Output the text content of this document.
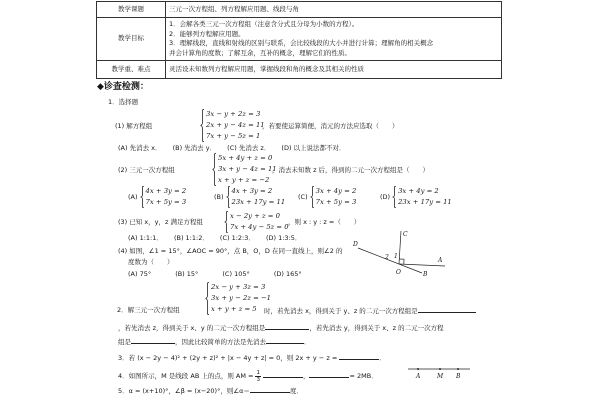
教学课题	三元一次方程组、列方程解应用题、线段与角
教学目标	1．会解各类三元一次方程组（注意含分式且分母为小数的方程）。
2．能够列方程解应用题。
3．理解线段，直线和射线的区别与联系，会比较线段的大小并进行计算；理解角的相关概念
并会计算角的度数；了解互余，互补的概念，理解它们的性质。

教学重、难点	灵活设未知数列方程解应用题，掌握线段和角的概念及其相关的性质
◆诊查检测：
1．选择题
(1) 解方程组
3x − y + 2z = 3
2x + y − 4z = 11
7x + y − 5z = 1
，若要使运算简便，消元的方法应选取（　　）
(A) 先消去 x． (B) 先消去 y． (C) 先消去 z． (D) 以上说法都不对．
(2) 三元一次方程组
5x + 4y + z = 0
3x + y − 4z = 11
x + y + z = −2
，消去未知数 z 后，得到的二元一次方程组是（　　）
(A)
4x + 3y = 2
7x + 5y = 3
(B)
4x + 3y = 2
23x + 17y = 11
(C)
3x + 4y = 2
7x + 5y = 3
(D)
3x + 4y = 2
23x + 17y = 11
(3) 已知 x，y，z 满足方程组
x − 2y + z = 0
7x + 4y − 5z = 0
，则 x : y : z =（　　）
(A) 1:1:1． (B) 1:1:2． (C) 1:2:3． (D) 1:3:5．
(4) 如图，∠1 = 15°，∠AOC = 90°，点 B，O，D 在同一直线上，则∠2 的
度数为（　　）
(A) 75°	(B) 15°	(C) 105°	(D) 165°
C
D
2 1
O	B
A
2．解三元一次方程组
2x − y + 3z = 3
3x + y − 2z = −1
x + y + z = 5	时，若先消去 x，得到关于 y、z 的二元一次方程组是
，若先消去 z，得到关于 x、y 的二元一次方程组是	，若先消去 y，得到关于 x、z 的二元一次方程
组是	，因此比较简单的方法是先消去	．
3．若 (x − 2y − 4)² + (2y + z)² + |x − 4y + z| = 0，则 2x + y − z =	．
4．如图所示，M 是线段 AB 上的点，则 AM = $\frac{1}{3}$	，	= 2MB．	A	M B
5．α = (x+10)°，∠β = (x−20)°，则∠α＝	度．
